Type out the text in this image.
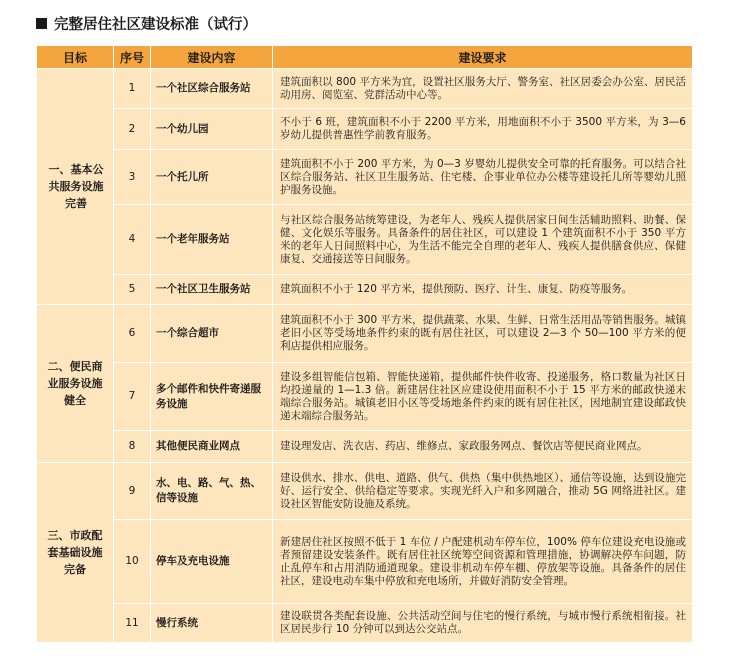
完整居住社区建设标准（试行）
目标	序号	建设内容	建设要求
一、基本公共服务设施完善	1	一个社区综合服务站	建筑面积以 800 平方米为宜，设置社区服务大厅、警务室、社区居委会办公室、居民活动用房、阅览室、党群活动中心等。
	2	一个幼儿园	不小于 6 班，建筑面积不小于 2200 平方米，用地面积不小于 3500 平方米，为 3—6 岁幼儿提供普惠性学前教育服务。
	3	一个托儿所	建筑面积不小于 200 平方米，为 0—3 岁婴幼儿提供安全可靠的托育服务。可以结合社区综合服务站、社区卫生服务站、住宅楼、企事业单位办公楼等建设托儿所等婴幼儿照护服务设施。
	4	一个老年服务站	与社区综合服务站统筹建设，为老年人、残疾人提供居家日间生活辅助照料、助餐、保健、文化娱乐等服务。具备条件的居住社区，可以建设 1 个建筑面积不小于 350 平方米的老年人日间照料中心，为生活不能完全自理的老年人、残疾人提供膳食供应、保健康复、交通接送等日间服务。
	5	一个社区卫生服务站	建筑面积不小于 120 平方米，提供预防、医疗、计生、康复、防疫等服务。
二、便民商业服务设施健全	6	一个综合超市	建筑面积不小于 300 平方米，提供蔬菜、水果、生鲜、日常生活用品等销售服务。城镇老旧小区等受场地条件约束的既有居住社区，可以建设 2—3 个 50—100 平方米的便利店提供相应服务。
	7	多个邮件和快件寄递服务设施	建设多组智能信包箱、智能快递箱，提供邮件快件收寄、投递服务，格口数量为社区日均投递量的 1—1.3 倍。新建居住社区应建设使用面积不小于 15 平方米的邮政快递末端综合服务站。城镇老旧小区等受场地条件约束的既有居住社区，因地制宜建设邮政快递末端综合服务站。
	8	其他便民商业网点	建设理发店、洗衣店、药店、维修点、家政服务网点、餐饮店等便民商业网点。
三、市政配套基础设施完备	9	水、电、路、气、热、信等设施	建设供水、排水、供电、道路、供气、供热（集中供热地区）、通信等设施，达到设施完好、运行安全、供给稳定等要求。实现光纤入户和多网融合，推动 5G 网络进社区。建设社区智能安防设施及系统。
	10	停车及充电设施	新建居住社区按照不低于 1 车位 / 户配建机动车停车位，100% 停车位建设充电设施或者预留建设安装条件。既有居住社区统筹空间资源和管理措施，协调解决停车问题，防止乱停车和占用消防通道现象。建设非机动车停车棚、停放架等设施。具备条件的居住社区，建设电动车集中停放和充电场所，并做好消防安全管理。
	11	慢行系统	建设联贯各类配套设施、公共活动空间与住宅的慢行系统，与城市慢行系统相衔接。社区居民步行 10 分钟可以到达公交站点。
